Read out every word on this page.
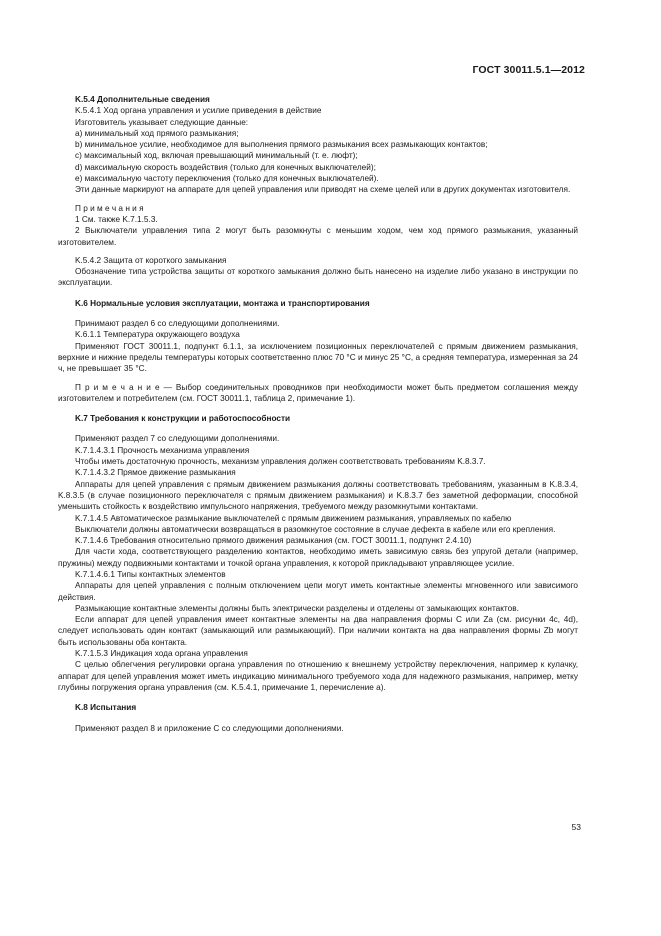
ГОСТ 30011.5.1—2012

K.5.4 Дополнительные сведения

K.5.4.1 Ход органа управления и усилие приведения в действие

Изготовитель указывает следующие данные:

a) минимальный ход прямого размыкания;

b) минимальное усилие, необходимое для выполнения прямого размыкания всех размыкающих контактов;

c) максимальный ход, включая превышающий минимальный (т. е. люфт);

d) максимальную скорость воздействия (только для конечных выключателей);

e) максимальную частоту переключения (только для конечных выключателей).

Эти данные маркируют на аппарате для цепей управления или приводят на схеме целей или в других документах изготовителя.

П р и м е ч а н и я

1 См. также K.7.1.5.3.

2 Выключатели управления типа 2 могут быть разомкнуты с меньшим ходом, чем ход прямого размыкания, указанный изготовителем.

K.5.4.2 Защита от короткого замыкания

Обозначение типа устройства защиты от короткого замыкания должно быть нанесено на изделие либо указано в инструкции по эксплуатации.

K.6 Нормальные условия эксплуатации, монтажа и транспортирования

Принимают раздел 6 со следующими дополнениями.

K.6.1.1 Температура окружающего воздуха

Применяют ГОСТ 30011.1, подпункт 6.1.1, за исключением позиционных переключателей с прямым движением размыкания, верхние и нижние пределы температуры которых соответственно плюс 70 °C и минус 25 °C, а средняя температура, измеренная за 24 ч, не превышает 35 °C.

П р и м е ч а н и е — Выбор соединительных проводников при необходимости может быть предметом соглашения между изготовителем и потребителем (см. ГОСТ 30011.1, таблица 2, примечание 1).

K.7 Требования к конструкции и работоспособности

Применяют раздел 7 со следующими дополнениями.

K.7.1.4.3.1 Прочность механизма управления

Чтобы иметь достаточную прочность, механизм управления должен соответствовать требованиям K.8.3.7.

K.7.1.4.3.2 Прямое движение размыкания

Аппараты для цепей управления с прямым движением размыкания должны соответствовать требованиям, указанным в K.8.3.4, K.8.3.5 (в случае позиционного переключателя с прямым движением размыкания) и K.8.3.7 без заметной деформации, способной уменьшить стойкость к воздействию импульсного напряжения, требуемого между разомкнутыми контактами.

K.7.1.4.5 Автоматическое размыкание выключателей с прямым движением размыкания, управляемых по кабелю

Выключатели должны автоматически возвращаться в разомкнутое состояние в случае дефекта в кабеле или его крепления.

K.7.1.4.6 Требования относительно прямого движения размыкания (см. ГОСТ 30011.1, подпункт 2.4.10)

Для части хода, соответствующего разделению контактов, необходимо иметь зависимую связь без упругой детали (например, пружины) между подвижными контактами и точкой органа управления, к которой прикладывают управляющее усилие.

K.7.1.4.6.1 Типы контактных элементов

Аппараты для цепей управления с полным отключением цепи могут иметь контактные элементы мгновенного или зависимого действия.

Размыкающие контактные элементы должны быть электрически разделены и отделены от замыкающих контактов.

Если аппарат для цепей управления имеет контактные элементы на два направления формы C или Za (см. рисунки 4c, 4d), следует использовать один контакт (замыкающий или размыкающий). При наличии контакта на два направления формы Zb могут быть использованы оба контакта.

K.7.1.5.3 Индикация хода органа управления

С целью облегчения регулировки органа управления по отношению к внешнему устройству переключения, например к кулачку, аппарат для цепей управления может иметь индикацию минимального требуемого хода для надежного размыкания, например, метку глубины погружения органа управления (см. K.5.4.1, примечание 1, перечисление а).

K.8 Испытания

Применяют раздел 8 и приложение C со следующими дополнениями.

53
